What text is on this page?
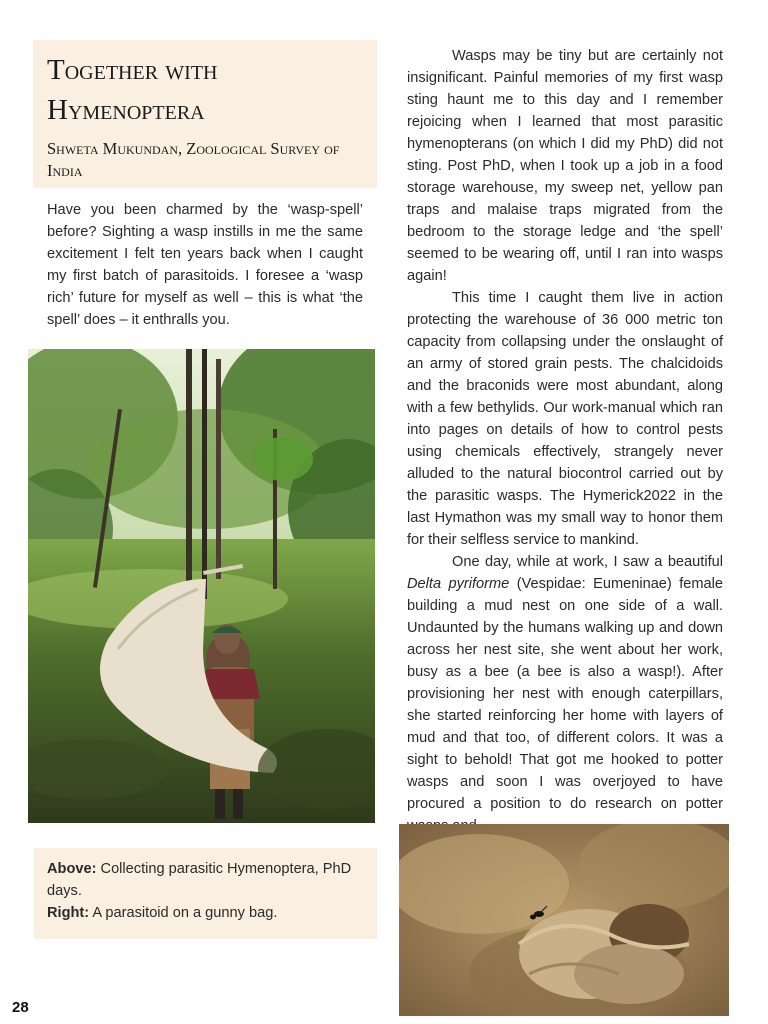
Together with
Hymenoptera
Shweta Mukundan, Zoological Survey of India
Have you been charmed by the ‘wasp-spell’ before? Sighting a wasp instills in me the same excitement I felt ten years back when I caught my first batch of parasitoids. I foresee a ‘wasp rich’ future for myself as well – this is what ‘the spell’ does – it enthralls you.
Above: Collecting parasitic Hymenoptera, PhD days.
Right: A parasitoid on a gunny bag.

Wasps may be tiny but are certainly not insignificant. Painful memories of my first wasp sting haunt me to this day and I remember rejoicing when I learned that most parasitic hymenopterans (on which I did my PhD) did not sting. Post PhD, when I took up a job in a food storage warehouse, my sweep net, yellow pan traps and malaise traps migrated from the bedroom to the storage ledge and ‘the spell’ seemed to be wearing off, until I ran into wasps again!

This time I caught them live in action protecting the warehouse of 36 000 metric ton capacity from collapsing under the onslaught of an army of stored grain pests. The chalcidoids and the braconids were most abundant, along with a few bethylids. Our work-manual which ran into pages on details of how to control pests using chemicals effectively, strangely never alluded to the natural biocontrol carried out by the parasitic wasps. The Hymerick2022 in the last Hymathon was my small way to honor them for their selfless service to mankind.

One day, while at work, I saw a beautiful Delta pyriforme (Vespidae: Eumeninae) female building a mud nest on one side of a wall. Undaunted by the humans walking up and down across her nest site, she went about her work, busy as a bee (a bee is also a wasp!). After provisioning her nest with enough caterpillars, she started reinforcing her home with layers of mud and that too, of different colors. It was a sight to behold! That got me hooked to potter wasps and soon I was overjoyed to have procured a position to do research on potter

28
